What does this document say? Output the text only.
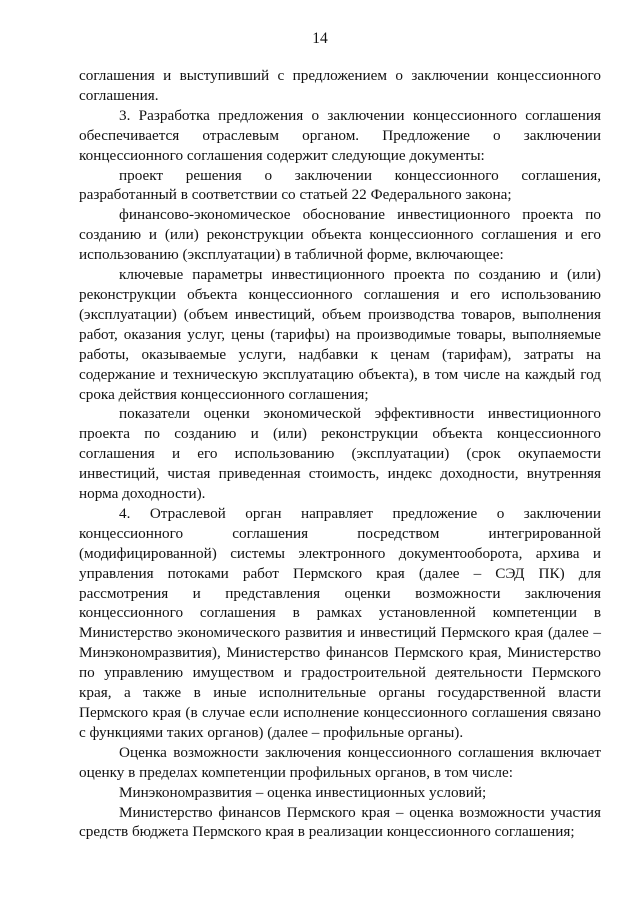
14

соглашения и выступивший с предложением о заключении концессионного соглашения.

3. Разработка предложения о заключении концессионного соглашения обеспечивается отраслевым органом. Предложение о заключении концессионного соглашения содержит следующие документы:

проект решения о заключении концессионного соглашения, разработанный в соответствии со статьей 22 Федерального закона;

финансово-экономическое обоснование инвестиционного проекта по созданию и (или) реконструкции объекта концессионного соглашения и его использованию (эксплуатации) в табличной форме, включающее:

ключевые параметры инвестиционного проекта по созданию и (или) реконструкции объекта концессионного соглашения и его использованию (эксплуатации) (объем инвестиций, объем производства товаров, выполнения работ, оказания услуг, цены (тарифы) на производимые товары, выполняемые работы, оказываемые услуги, надбавки к ценам (тарифам), затраты на содержание и техническую эксплуатацию объекта), в том числе на каждый год срока действия концессионного соглашения;

показатели оценки экономической эффективности инвестиционного проекта по созданию и (или) реконструкции объекта концессионного соглашения и его использованию (эксплуатации) (срок окупаемости инвестиций, чистая приведенная стоимость, индекс доходности, внутренняя норма доходности).

4. Отраслевой орган направляет предложение о заключении концессионного соглашения посредством интегрированной (модифицированной) системы электронного документооборота, архива и управления потоками работ Пермского края (далее – СЭД ПК) для рассмотрения и представления оценки возможности заключения концессионного соглашения в рамках установленной компетенции в Министерство экономического развития и инвестиций Пермского края (далее – Минэкономразвития), Министерство финансов Пермского края, Министерство по управлению имуществом и градостроительной деятельности Пермского края, а также в иные исполнительные органы государственной власти Пермского края (в случае если исполнение концессионного соглашения связано с функциями таких органов) (далее – профильные органы).

Оценка возможности заключения концессионного соглашения включает оценку в пределах компетенции профильных органов, в том числе:

Минэкономразвития – оценка инвестиционных условий;

Министерство финансов Пермского края – оценка возможности участия средств бюджета Пермского края в реализации концессионного соглашения;
